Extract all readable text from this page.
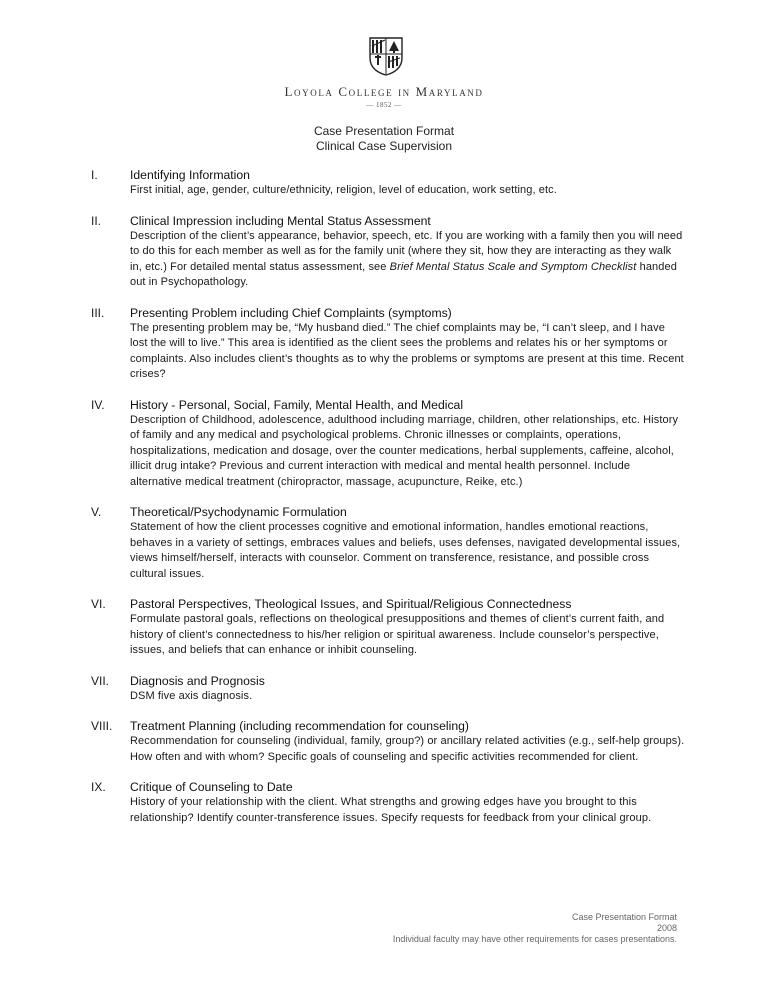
Loyola College in Maryland
— 1852 —
Case Presentation Format
Clinical Case Supervision
I.	Identifying Information
First initial, age, gender, culture/ethnicity, religion, level of education, work setting, etc.
II. Clinical Impression including Mental Status Assessment
Description of the client’s appearance, behavior, speech, etc. If you are working with a family then you will need to do this for each member as well as for the family unit (where they sit, how they are interacting as they walk in, etc.) For detailed mental status assessment, see Brief Mental Status Scale and Symptom Checklist handed out in Psychopathology.
III. Presenting Problem including Chief Complaints (symptoms)
The presenting problem may be, “My husband died.” The chief complaints may be, “I can’t sleep, and I have lost the will to live.” This area is identified as the client sees the problems and relates his or her symptoms or complaints. Also includes client’s thoughts as to why the problems or symptoms are present at this time. Recent crises?
IV. History - Personal, Social, Family, Mental Health, and Medical
Description of Childhood, adolescence, adulthood including marriage, children, other relationships, etc. History of family and any medical and psychological problems. Chronic illnesses or complaints, operations, hospitalizations, medication and dosage, over the counter medications, herbal supplements, caffeine, alcohol, illicit drug intake? Previous and current interaction with medical and mental health personnel. Include alternative medical treatment (chiropractor, massage, acupuncture, Reike, etc.)
V. Theoretical/Psychodynamic Formulation
Statement of how the client processes cognitive and emotional information, handles emotional reactions, behaves in a variety of settings, embraces values and beliefs, uses defenses, navigated developmental issues, views himself/herself, interacts with counselor. Comment on transference, resistance, and possible cross cultural issues.
VI. Pastoral Perspectives, Theological Issues, and Spiritual/Religious Connectedness
Formulate pastoral goals, reflections on theological presuppositions and themes of client’s current faith, and history of client’s connectedness to his/her religion or spiritual awareness. Include counselor’s perspective, issues, and beliefs that can enhance or inhibit counseling.
VII. Diagnosis and Prognosis
DSM five axis diagnosis.
VIII. Treatment Planning (including recommendation for counseling)
Recommendation for counseling (individual, family, group?) or ancillary related activities (e.g., self-help groups). How often and with whom? Specific goals of counseling and specific activities recommended for client.
IX. Critique of Counseling to Date
History of your relationship with the client. What strengths and growing edges have you brought to this relationship? Identify counter-transference issues. Specify requests for feedback from your clinical group.
Case Presentation Format
2008
Individual faculty may have other requirements for cases presentations.
